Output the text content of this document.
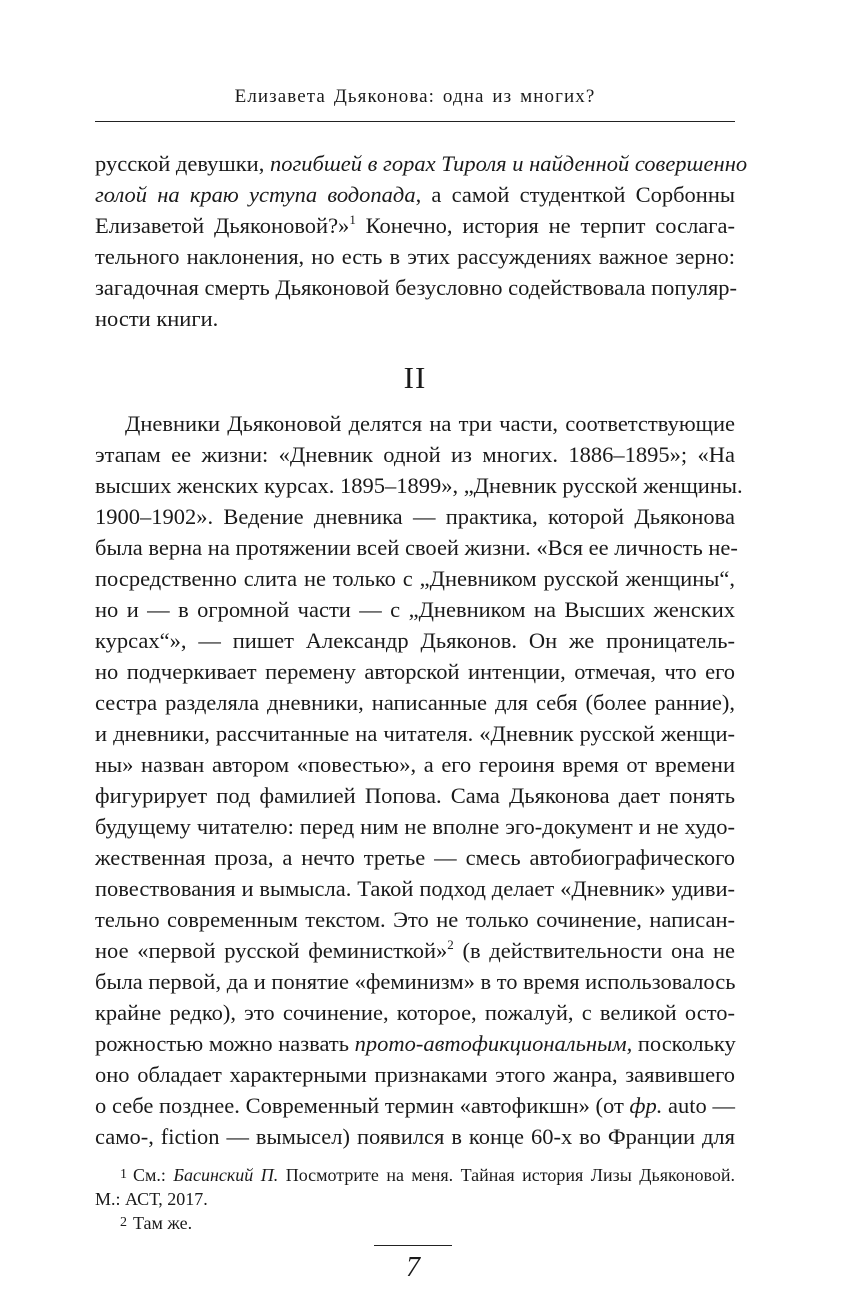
Елизавета Дьяконова: одна из многих?
русской девушки, погибшей в горах Тироля и найденной совершенно
голой на краю уступа водопада, а самой студенткой Сорбонны
Елизаветой Дьяконовой?»$^1$ Конечно, история не терпит сослага-
тельного наклонения, но есть в этих рассуждениях важное зерно:
загадочная смерть Дьяконовой безусловно содействовала популяр-
ности книги.
II
Дневники Дьяконовой делятся на три части, соответствующие
этапам ее жизни: «Дневник одной из многих. 1886–1895»; «На
высших женских курсах. 1895–1899», „Дневник русской женщины.
1900–1902». Ведение дневника — практика, которой Дьяконова
была верна на протяжении всей своей жизни. «Вся ее личность не-
посредственно слита не только с „Дневником русской женщины“,
но и — в огромной части — с „Дневником на Высших женских
курсах“», — пишет Александр Дьяконов. Он же проницатель-
но подчеркивает перемену авторской интенции, отмечая, что его
сестра разделяла дневники, написанные для себя (более ранние),
и дневники, рассчитанные на читателя. «Дневник русской женщи-
ны» назван автором «повестью», а его героиня время от времени
фигурирует под фамилией Попова. Сама Дьяконова дает понять
будущему читателю: перед ним не вполне эго-документ и не худо-
жественная проза, а нечто третье — смесь автобиографического
повествования и вымысла. Такой подход делает «Дневник» удиви-
тельно современным текстом. Это не только сочинение, написан-
ное «первой русской феминисткой»$^2$ (в действительности она не
была первой, да и понятие «феминизм» в то время использовалось
крайне редко), это сочинение, которое, пожалуй, с великой осто-
рожностью можно назвать прото-автофикциональным, поскольку
оно обладает характерными признаками этого жанра, заявившего
о себе позднее. Современный термин «автофикшн» (от фр. auto —
само-, fiction — вымысел) появился в конце 60-х во Франции для
1 См.: Басинский П. Посмотрите на меня. Тайная история Лизы Дьяконовой.
М.: АСТ, 2017.
2 Там же.
7
